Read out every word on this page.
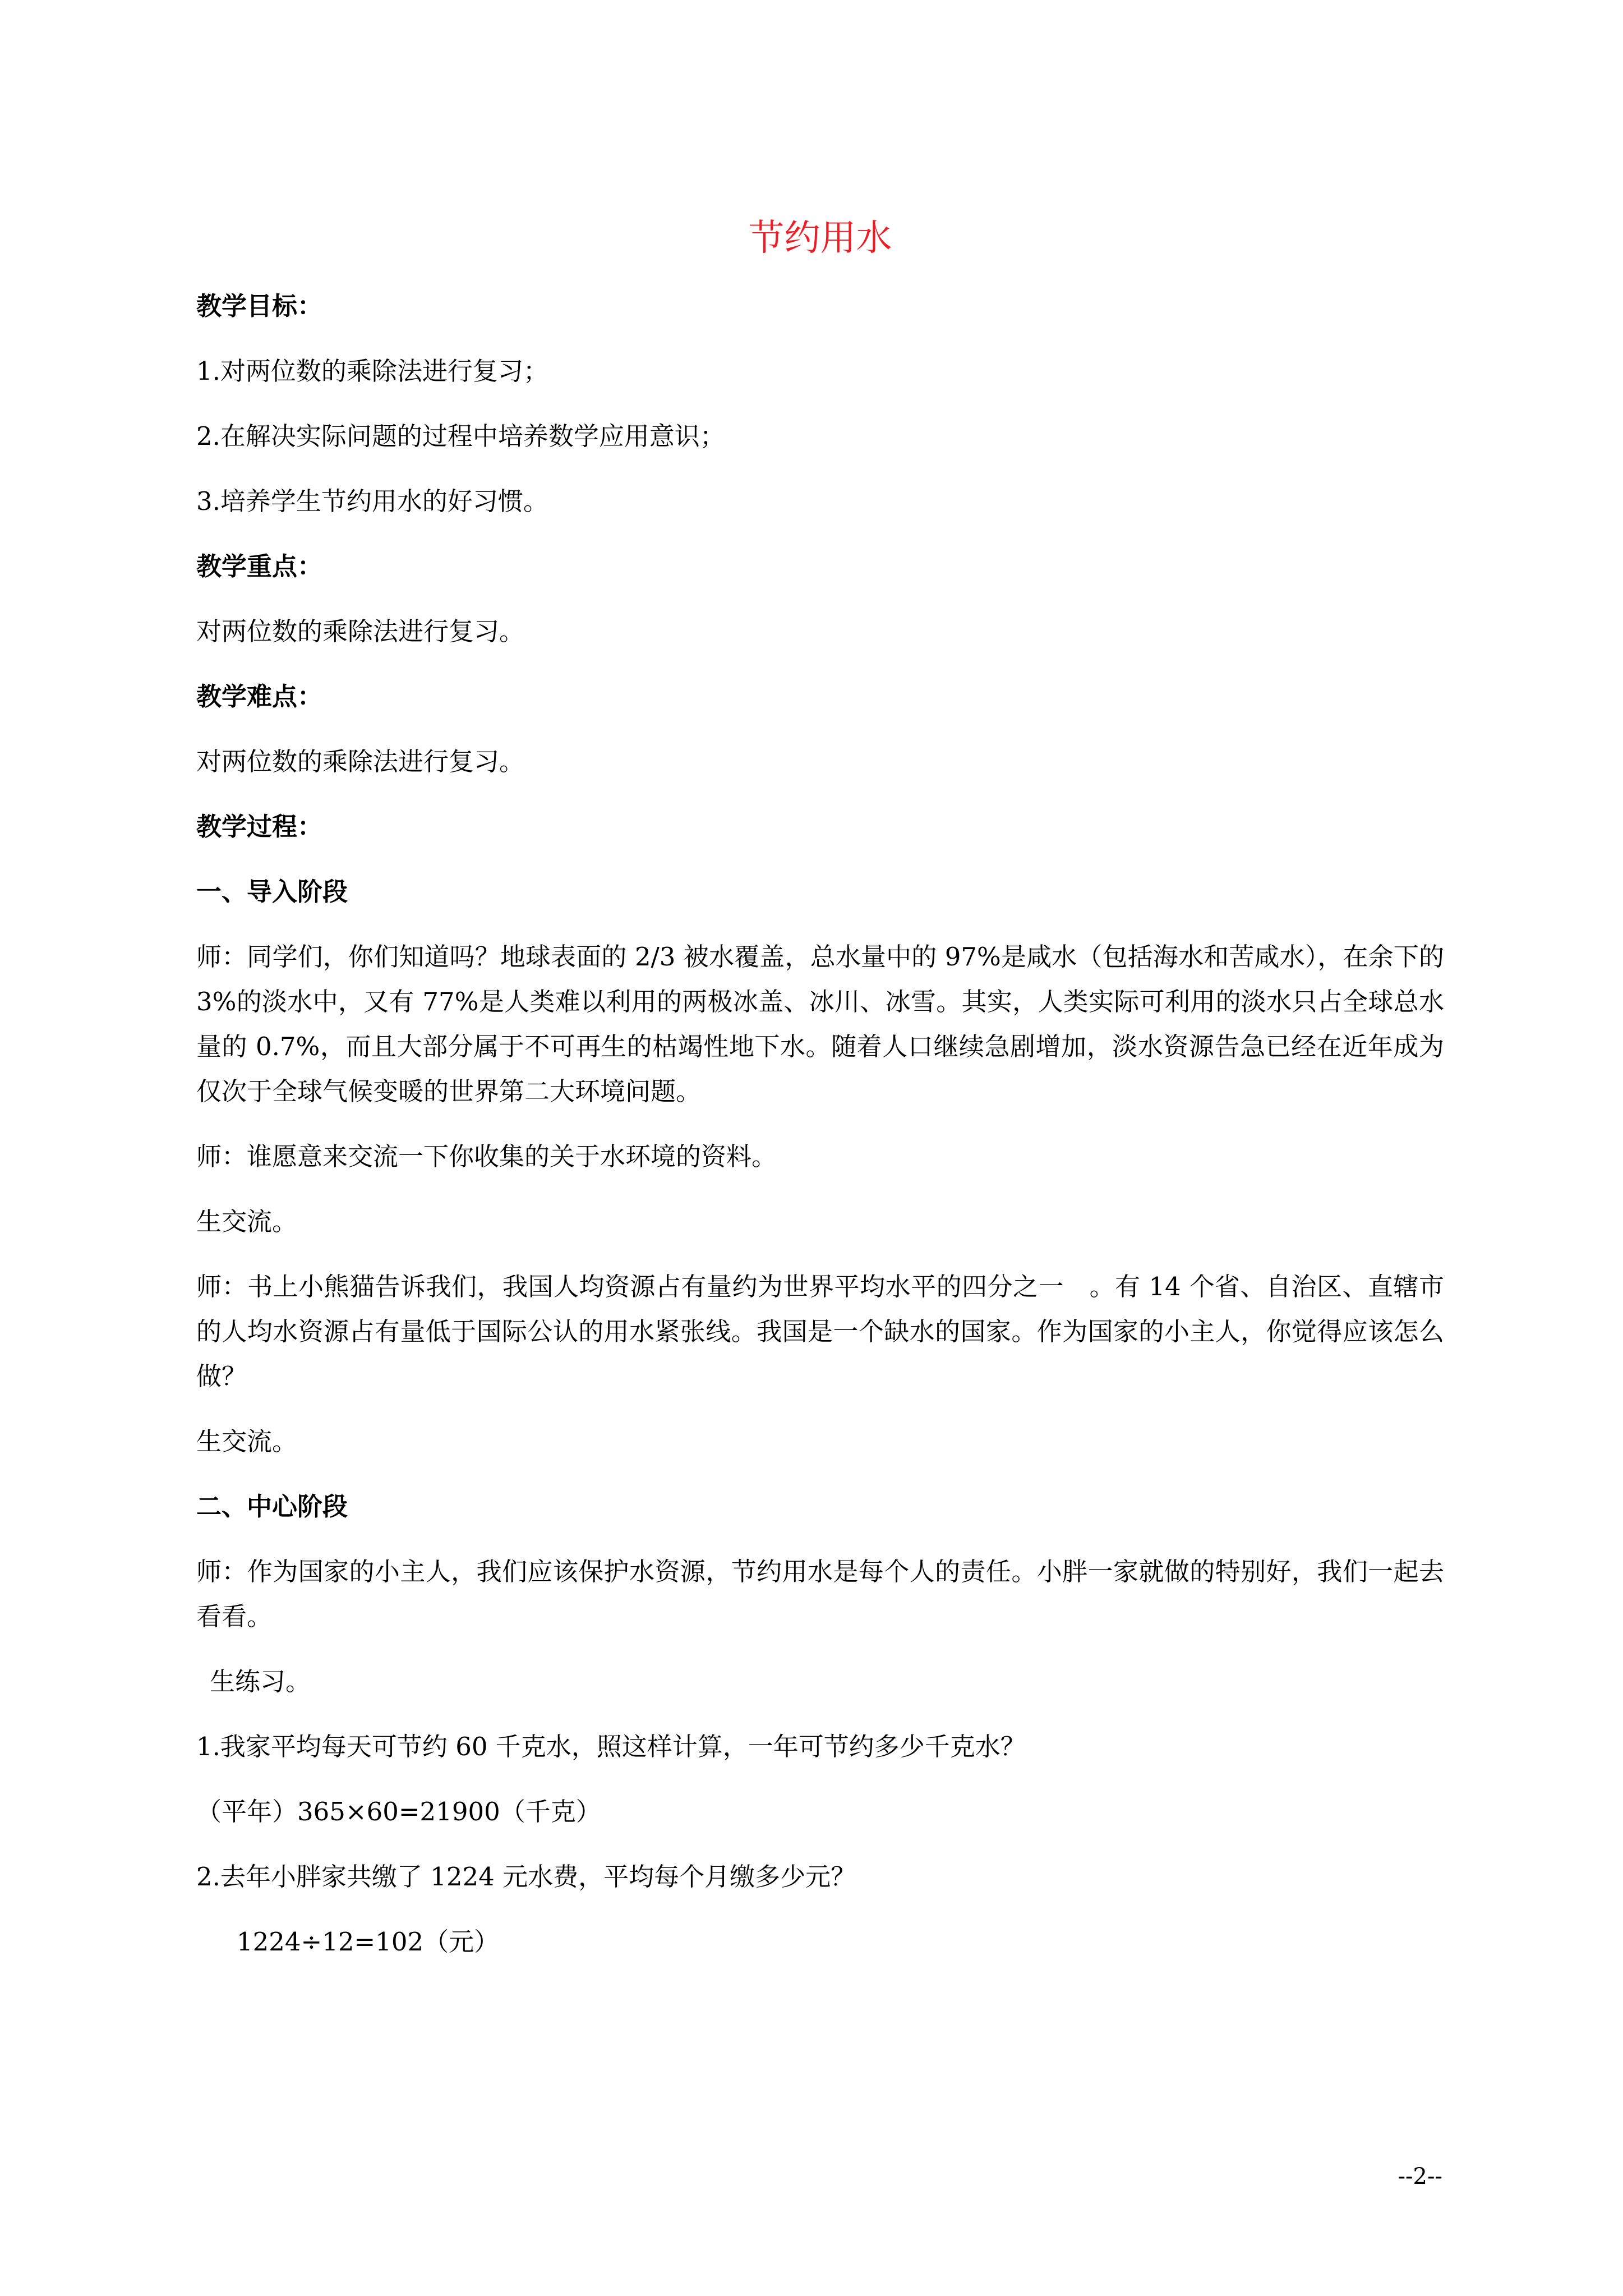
节约用水
教学目标：
1.对两位数的乘除法进行复习；
2.在解决实际问题的过程中培养数学应用意识；
3.培养学生节约用水的好习惯。
教学重点：
对两位数的乘除法进行复习。
教学难点：
对两位数的乘除法进行复习。
教学过程：
一、导入阶段
师：同学们，你们知道吗？地球表面的 2/3 被水覆盖，总水量中的 97%是咸水（包括海水和苦咸水），在余下的 3%的淡水中，又有 77%是人类难以利用的两极冰盖、冰川、冰雪。其实，人类实际可利用的淡水只占全球总水量的 0.7%，而且大部分属于不可再生的枯竭性地下水。随着人口继续急剧增加，淡水资源告急已经在近年成为仅次于全球气候变暖的世界第二大环境问题。
师：谁愿意来交流一下你收集的关于水环境的资料。
生交流。
师：书上小熊猫告诉我们，我国人均资源占有量约为世界平均水平的四分之一　。有 14 个省、自治区、直辖市的人均水资源占有量低于国际公认的用水紧张线。我国是一个缺水的国家。作为国家的小主人，你觉得应该怎么做？
生交流。
二、中心阶段
师：作为国家的小主人，我们应该保护水资源，节约用水是每个人的责任。小胖一家就做的特别好，我们一起去看看。
生练习。
1.我家平均每天可节约 60 千克水，照这样计算，一年可节约多少千克水？
（平年）365×60=21900（千克）
2.去年小胖家共缴了 1224 元水费，平均每个月缴多少元？
1224÷12=102（元）
--2--
